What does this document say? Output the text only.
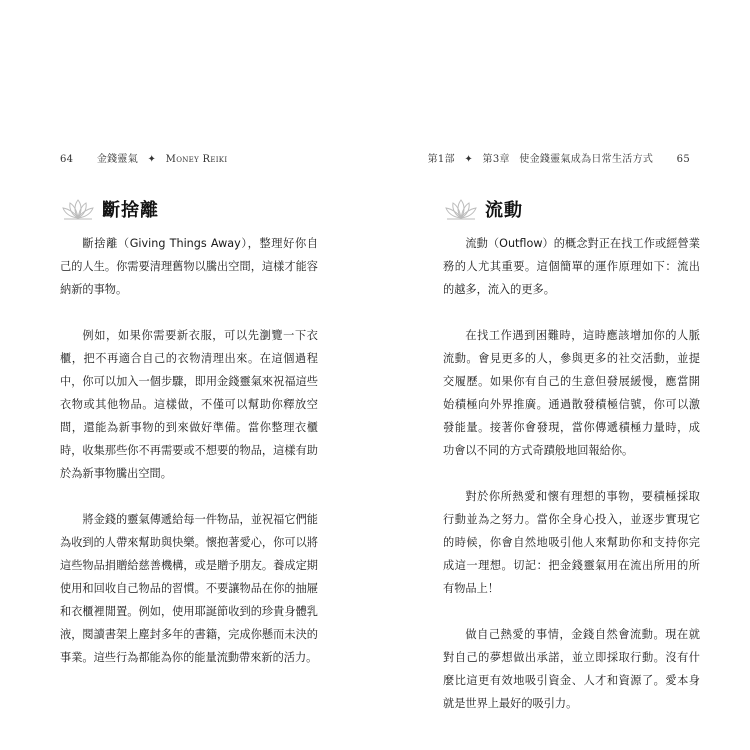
64 金錢靈氣 ✦ Money Reiki
斷捨離

斷捨離（Giving Things Away），整理好你自己的人生。你需要清理舊物以騰出空間，這樣才能容納新的事物。

例如，如果你需要新衣服，可以先瀏覽一下衣櫃，把不再適合自己的衣物清理出來。在這個過程中，你可以加入一個步驟，即用金錢靈氣來祝福這些衣物或其他物品。這樣做，不僅可以幫助你釋放空間，還能為新事物的到來做好準備。當你整理衣櫃時，收集那些你不再需要或不想要的物品，這樣有助於為新事物騰出空間。

將金錢的靈氣傳遞給每一件物品，並祝福它們能為收到的人帶來幫助與快樂。懷抱著愛心，你可以將這些物品捐贈給慈善機構，或是贈予朋友。養成定期使用和回收自己物品的習慣。不要讓物品在你的抽屜和衣櫃裡閒置。例如，使用耶誕節收到的珍貴身體乳液，閱讀書架上塵封多年的書籍，完成你懸而未決的事業。這些行為都能為你的能量流動帶來新的活力。

第1部 ✦ 第3章 使金錢靈氣成為日常生活方式 65
流動

流動（Outflow）的概念對正在找工作或經營業務的人尤其重要。這個簡單的運作原理如下：流出的越多，流入的更多。

在找工作遇到困難時，這時應該增加你的人脈流動。會見更多的人，參與更多的社交活動，並提交履歷。如果你有自己的生意但發展緩慢，應當開始積極向外界推廣。通過散發積極信號，你可以激發能量。接著你會發現，當你傳遞積極力量時，成功會以不同的方式奇蹟般地回報給你。

對於你所熱愛和懷有理想的事物，要積極採取行動並為之努力。當你全身心投入，並逐步實現它的時候，你會自然地吸引他人來幫助你和支持你完成這一理想。切記：把金錢靈氣用在流出所用的所有物品上！

做自己熱愛的事情，金錢自然會流動。現在就對自己的夢想做出承諾，並立即採取行動。沒有什麼比這更有效地吸引資金、人才和資源了。愛本身就是世界上最好的吸引力。
